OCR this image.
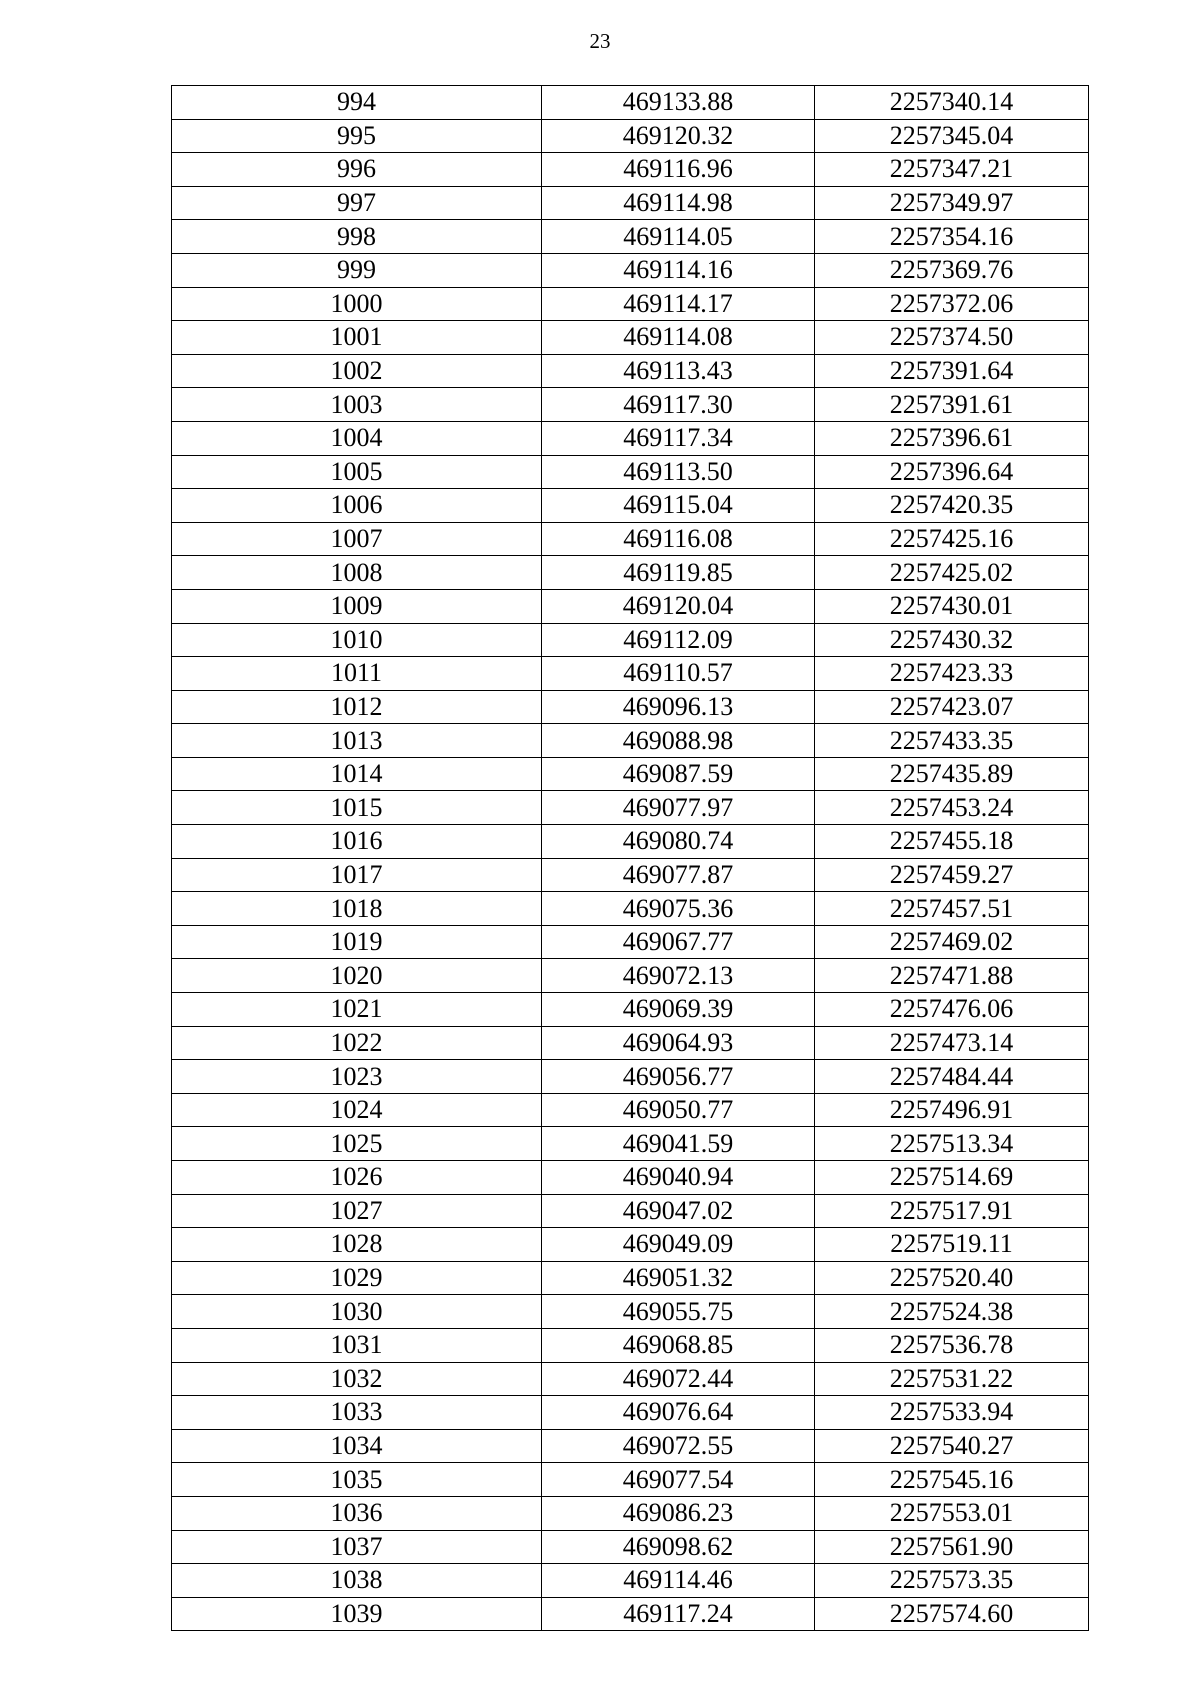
23
994	469133.88	2257340.14
995	469120.32	2257345.04
996	469116.96	2257347.21
997	469114.98	2257349.97
998	469114.05	2257354.16
999	469114.16	2257369.76
1000	469114.17	2257372.06
1001	469114.08	2257374.50
1002	469113.43	2257391.64
1003	469117.30	2257391.61
1004	469117.34	2257396.61
1005	469113.50	2257396.64
1006	469115.04	2257420.35
1007	469116.08	2257425.16
1008	469119.85	2257425.02
1009	469120.04	2257430.01
1010	469112.09	2257430.32
1011	469110.57	2257423.33
1012	469096.13	2257423.07
1013	469088.98	2257433.35
1014	469087.59	2257435.89
1015	469077.97	2257453.24
1016	469080.74	2257455.18
1017	469077.87	2257459.27
1018	469075.36	2257457.51
1019	469067.77	2257469.02
1020	469072.13	2257471.88
1021	469069.39	2257476.06
1022	469064.93	2257473.14
1023	469056.77	2257484.44
1024	469050.77	2257496.91
1025	469041.59	2257513.34
1026	469040.94	2257514.69
1027	469047.02	2257517.91
1028	469049.09	2257519.11
1029	469051.32	2257520.40
1030	469055.75	2257524.38
1031	469068.85	2257536.78
1032	469072.44	2257531.22
1033	469076.64	2257533.94
1034	469072.55	2257540.27
1035	469077.54	2257545.16
1036	469086.23	2257553.01
1037	469098.62	2257561.90
1038	469114.46	2257573.35
1039	469117.24	2257574.60
